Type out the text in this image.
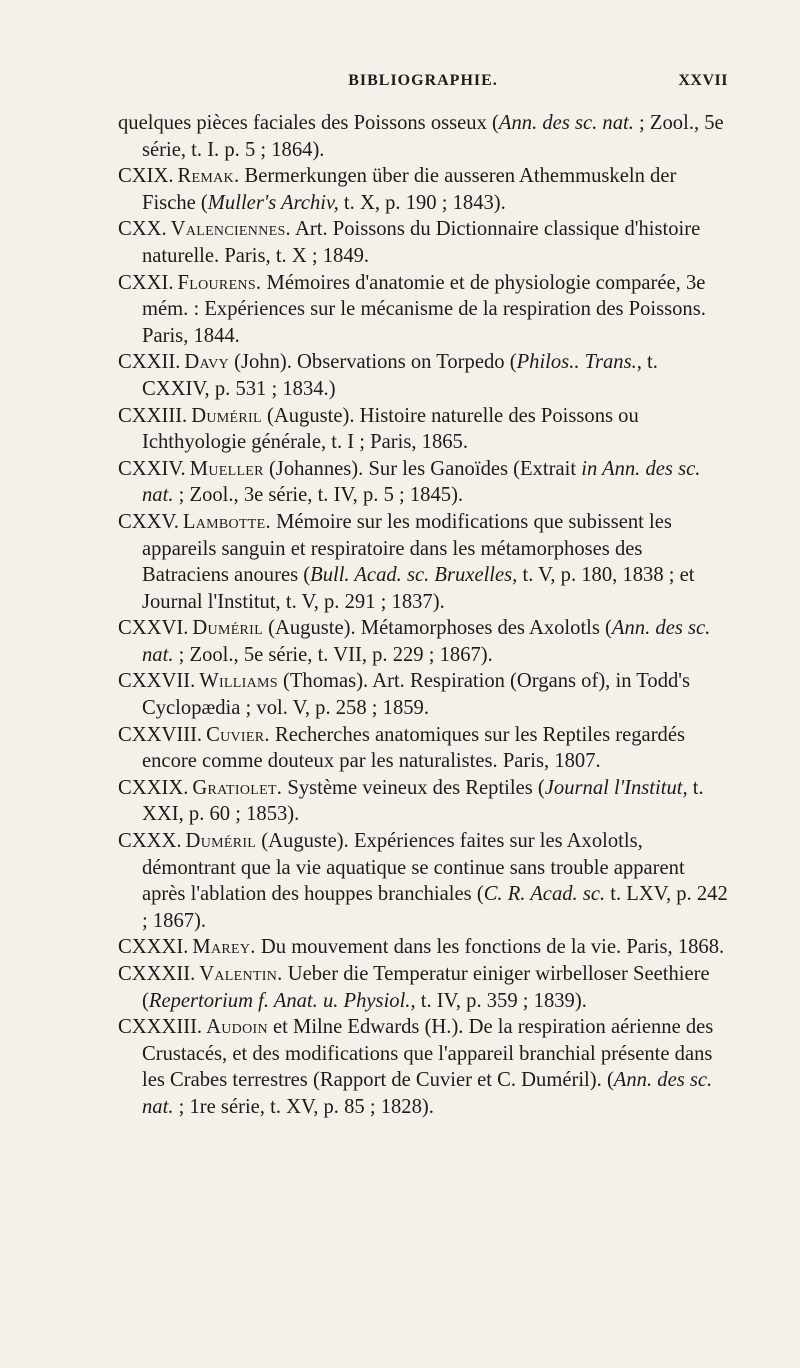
BIBLIOGRAPHIE.	XXVII

quelques pièces faciales des Poissons osseux (Ann. des sc. nat. ; Zool., 5e série, t. I. p. 5 ; 1864).

CXIX. Remak. Bermerkungen über die ausseren Athemmuskeln der Fische (Muller's Archiv, t. X, p. 190 ; 1843).

CXX. Valenciennes. Art. Poissons du Dictionnaire classique d'histoire naturelle. Paris, t. X ; 1849.

CXXI. Flourens. Mémoires d'anatomie et de physiologie comparée, 3e mém. : Expériences sur le mécanisme de la respiration des Poissons. Paris, 1844.

CXXII. Davy (John). Observations on Torpedo (Philos.. Trans., t. CXXIV, p. 531 ; 1834.)

CXXIII. Duméril (Auguste). Histoire naturelle des Poissons ou Ichthyologie générale, t. I ; Paris, 1865.

CXXIV. Mueller (Johannes). Sur les Ganoïdes (Extrait in Ann. des sc. nat. ; Zool., 3e série, t. IV, p. 5 ; 1845).

CXXV. Lambotte. Mémoire sur les modifications que subissent les appareils sanguin et respiratoire dans les métamorphoses des Batraciens anoures (Bull. Acad. sc. Bruxelles, t. V, p. 180, 1838 ; et Journal l'Institut, t. V, p. 291 ; 1837).

CXXVI. Duméril (Auguste). Métamorphoses des Axolotls (Ann. des sc. nat. ; Zool., 5e série, t. VII, p. 229 ; 1867).

CXXVII. Williams (Thomas). Art. Respiration (Organs of), in Todd's Cyclopædia ; vol. V, p. 258 ; 1859.

CXXVIII. Cuvier. Recherches anatomiques sur les Reptiles regardés encore comme douteux par les naturalistes. Paris, 1807.

CXXIX. Gratiolet. Système veineux des Reptiles (Journal l'Institut, t. XXI, p. 60 ; 1853).

CXXX. Duméril (Auguste). Expériences faites sur les Axolotls, démontrant que la vie aquatique se continue sans trouble apparent après l'ablation des houppes branchiales (C. R. Acad. sc. t. LXV, p. 242 ; 1867).

CXXXI. Marey. Du mouvement dans les fonctions de la vie. Paris, 1868.

CXXXII. Valentin. Ueber die Temperatur einiger wirbelloser Seethiere (Repertorium f. Anat. u. Physiol., t. IV, p. 359 ; 1839).

CXXXIII. Audoin et Milne Edwards (H.). De la respiration aérienne des Crustacés, et des modifications que l'appareil branchial présente dans les Crabes terrestres (Rapport de Cuvier et C. Duméril). (Ann. des sc. nat. ; 1re série, t. XV, p. 85 ; 1828).
